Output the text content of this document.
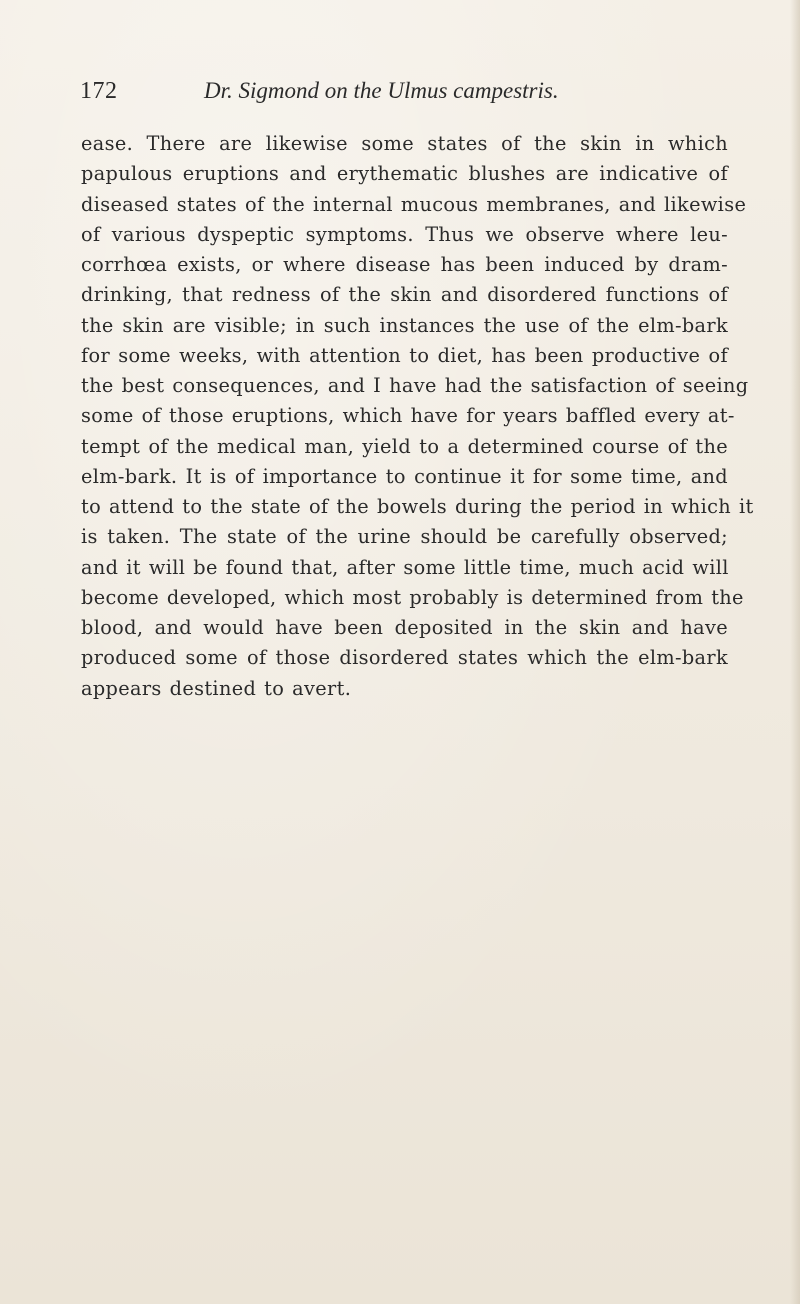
172	Dr. Sigmond on the Ulmus campestris.
ease. There are likewise some states of the skin in which
papulous eruptions and erythematic blushes are indicative of
diseased states of the internal mucous membranes, and likewise
of various dyspeptic symptoms. Thus we observe where leu-
corrhœa exists, or where disease has been induced by dram-
drinking, that redness of the skin and disordered functions of
the skin are visible; in such instances the use of the elm-bark
for some weeks, with attention to diet, has been productive of
the best consequences, and I have had the satisfaction of seeing
some of those eruptions, which have for years baffled every at-
tempt of the medical man, yield to a determined course of the
elm-bark. It is of importance to continue it for some time, and
to attend to the state of the bowels during the period in which it
is taken. The state of the urine should be carefully observed;
and it will be found that, after some little time, much acid will
become developed, which most probably is determined from the
blood, and would have been deposited in the skin and have
produced some of those disordered states which the elm-bark
appears destined to avert.
